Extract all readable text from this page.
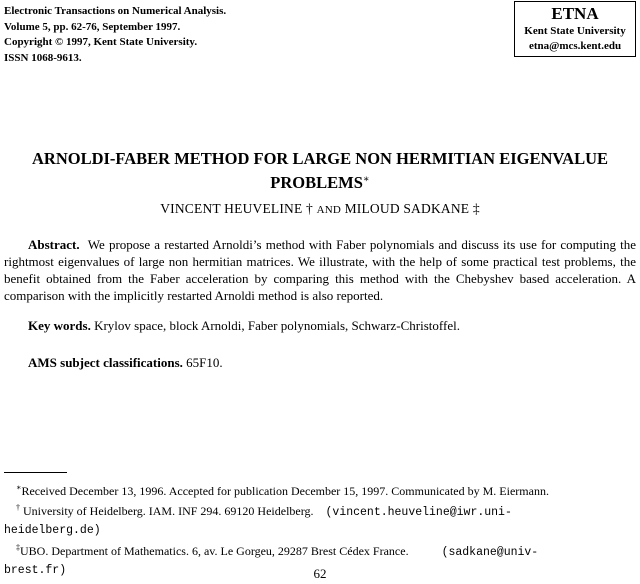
Electronic Transactions on Numerical Analysis.
Volume 5, pp. 62-76, September 1997.
Copyright © 1997, Kent State University.
ISSN 1068-9613.
ETNA
Kent State University
etna@mcs.kent.edu
ARNOLDI-FABER METHOD FOR LARGE NON HERMITIAN EIGENVALUE
PROBLEMS∗
VINCENT HEUVELINE † AND MILOUD SADKANE ‡
Abstract. We propose a restarted Arnoldi’s method with Faber polynomials and discuss its use for computing the rightmost eigenvalues of large non hermitian matrices. We illustrate, with the help of some practical test problems, the benefit obtained from the Faber acceleration by comparing this method with the Chebyshev based acceleration. A comparison with the implicitly restarted Arnoldi method is also reported.
Key words. Krylov space, block Arnoldi, Faber polynomials, Schwarz-Christoffel.
AMS subject classifications. 65F10.
∗Received December 13, 1996. Accepted for publication December 15, 1997. Communicated by M. Eiermann.
† University of Heidelberg. IAM. INF 294. 69120 Heidelberg. (vincent.heuveline@iwr.uni-
heidelberg.de)
‡UBO. Department of Mathematics. 6, av. Le Gorgeu, 29287 Brest Cédex France.	(sadkane@univ-
brest.fr)	62
